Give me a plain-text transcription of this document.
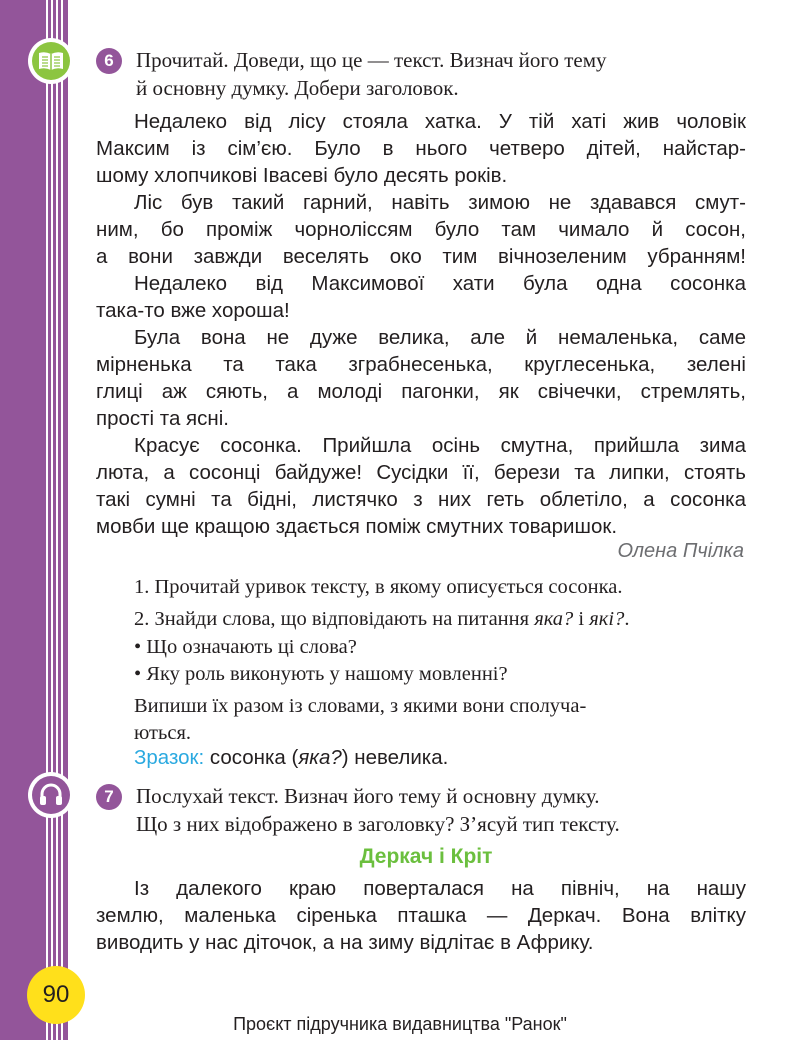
90
6	Прочитай. Доведи, що це — текст. Визнач його тему
й основну думку. Добери заголовок.
Недалеко від лісу стояла хатка. У тій хаті жив чоловік
Максим із сім’єю. Було в нього четверо дітей, найстар-
шому хлопчикові Івасеві було десять років.
Ліс був такий гарний, навіть зимою не здавався смут-
ним, бо проміж чорноліссям було там чимало й сосон,
а вони завжди веселять око тим вічнозеленим убранням!
Недалеко від Максимової хати була одна сосонка
така-то вже хороша!
Була вона не дуже велика, але й немаленька, саме
мірненька та така зграбнесенька, круглесенька, зелені
глиці аж сяють, а молоді пагонки, як свічечки, стремлять,
прості та ясні.
Красує сосонка. Прийшла осінь смутна, прийшла зима
люта, а сосонці байдуже! Сусідки її, берези та липки, стоять
такі сумні та бідні, листячко з них геть облетіло, а сосонка
мовби ще кращою здається поміж смутних товаришок.
Олена Пчілка
1. Прочитай уривок тексту, в якому описується сосонка.
2. Знайди слова, що відповідають на питання яка? і які?.
• Що означають ці слова?
• Яку роль виконують у нашому мовленні?
Випиши їх разом із словами, з якими вони сполуча-
ються.
Зразок: сосонка (яка?) невелика.
7	Послухай текст. Визнач його тему й основну думку.
Що з них відображено в заголовку? З’ясуй тип тексту.
Деркач і Кріт
Із далекого краю поверталася на північ, на нашу
землю, маленька сіренька пташка — Деркач. Вона влітку
виводить у нас діточок, а на зиму відлітає в Африку.
Проєкт підручника видавництва "Ранок"
